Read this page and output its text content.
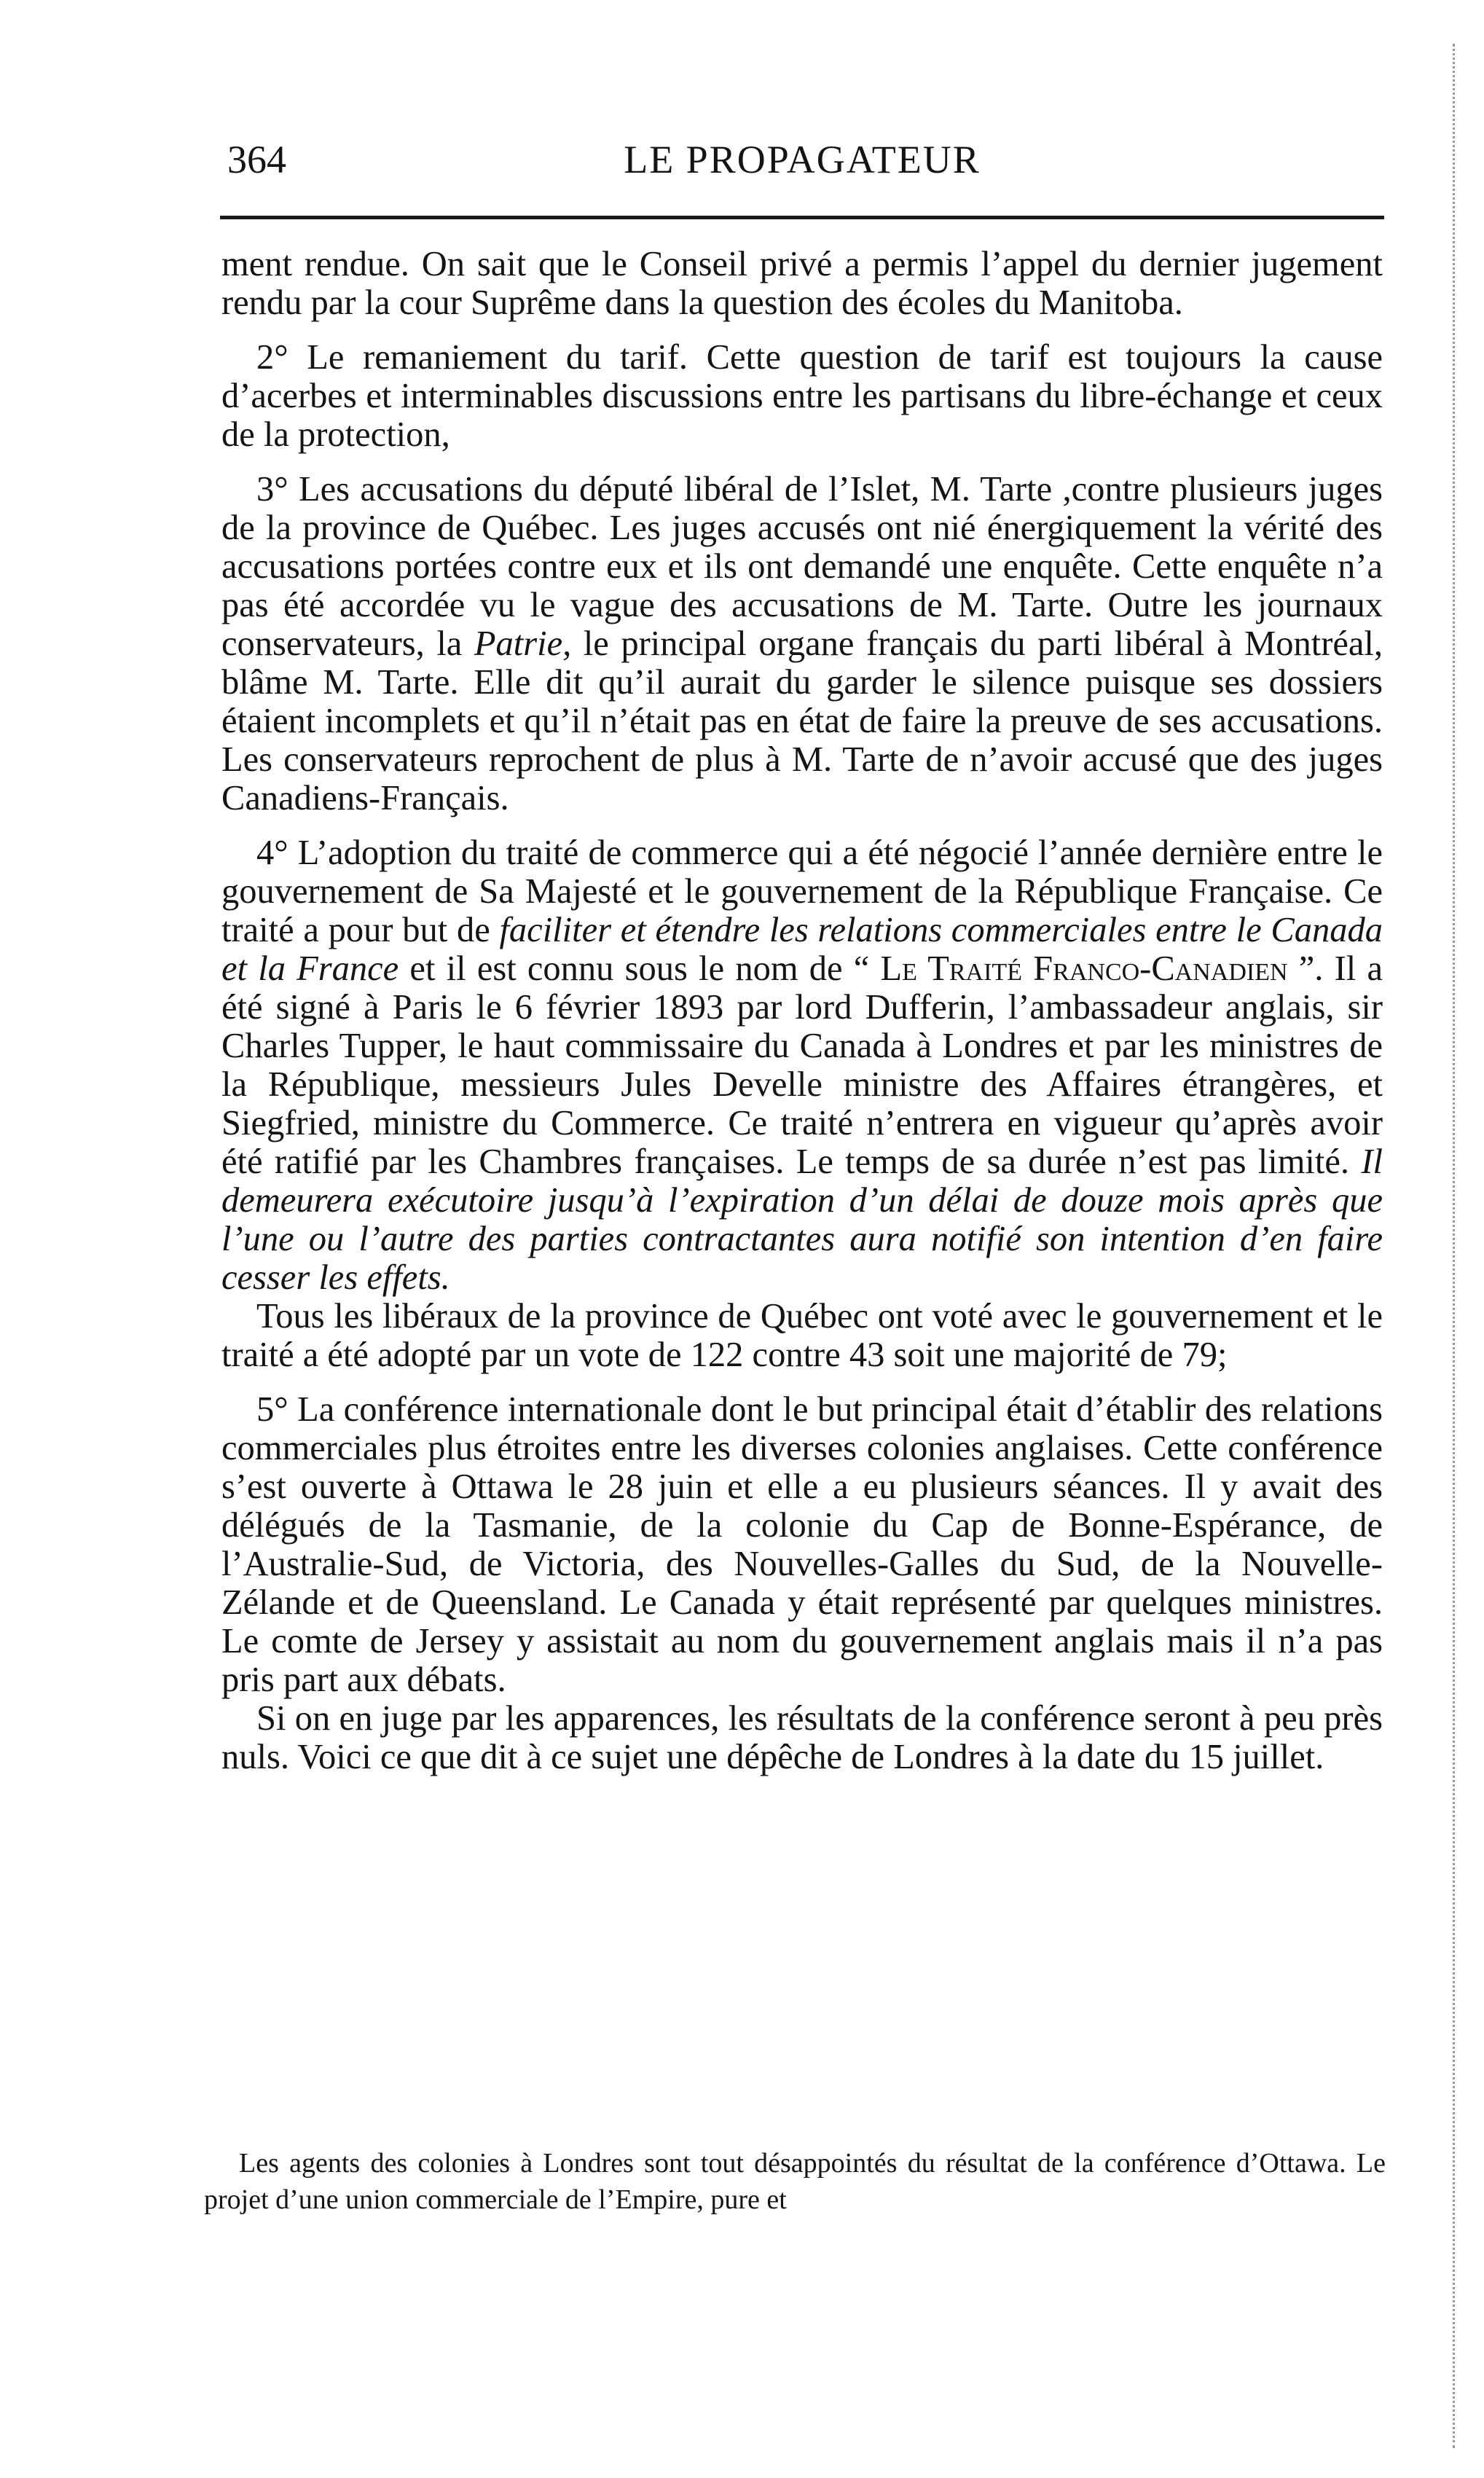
364	LE PROPAGATEUR

ment rendue. On sait que le Conseil privé a permis l’appel du dernier jugement rendu par la cour Suprême dans la question des écoles du Manitoba.

2° Le remaniement du tarif. Cette question de tarif est toujours la cause d’acerbes et interminables discussions entre les partisans du libre-échange et ceux de la protection,

3° Les accusations du député libéral de l’Islet, M. Tarte ,contre plusieurs juges de la province de Québec. Les juges accusés ont nié énergiquement la vérité des accusations portées contre eux et ils ont demandé une enquête. Cette enquête n’a pas été accordée vu le vague des accusations de M. Tarte. Outre les journaux conservateurs, la Patrie, le principal organe français du parti libéral à Montréal, blâme M. Tarte. Elle dit qu’il aurait du garder le silence puisque ses dossiers étaient incomplets et qu’il n’était pas en état de faire la preuve de ses accusations. Les conservateurs reprochent de plus à M. Tarte de n’avoir accusé que des juges Canadiens-Français.

4° L’adoption du traité de commerce qui a été négocié l’année dernière entre le gouvernement de Sa Majesté et le gouvernement de la République Française. Ce traité a pour but de faciliter et étendre les relations commerciales entre le Canada et la France et il est connu sous le nom de “ Le Traité Franco-Canadien ”. Il a été signé à Paris le 6 février 1893 par lord Dufferin, l’ambassadeur anglais, sir Charles Tupper, le haut commissaire du Canada à Londres et par les ministres de la République, messieurs Jules Develle ministre des Affaires étrangères, et Siegfried, ministre du Commerce. Ce traité n’entrera en vigueur qu’après avoir été ratifié par les Chambres françaises. Le temps de sa durée n’est pas limité. Il demeurera exécutoire jusqu’à l’expiration d’un délai de douze mois après que l’une ou l’autre des parties contractantes aura notifié son intention d’en faire cesser les effets.

Tous les libéraux de la province de Québec ont voté avec le gouvernement et le traité a été adopté par un vote de 122 contre 43 soit une majorité de 79;

5° La conférence internationale dont le but principal était d’établir des relations commerciales plus étroites entre les diverses colonies anglaises. Cette conférence s’est ouverte à Ottawa le 28 juin et elle a eu plusieurs séances. Il y avait des délégués de la Tasmanie, de la colonie du Cap de Bonne-Espérance, de l’Australie-Sud, de Victoria, des Nouvelles-Galles du Sud, de la Nouvelle-Zélande et de Queensland. Le Canada y était représenté par quelques ministres. Le comte de Jersey y assistait au nom du gouvernement anglais mais il n’a pas pris part aux débats.

Si on en juge par les apparences, les résultats de la conférence seront à peu près nuls. Voici ce que dit à ce sujet une dépêche de Londres à la date du 15 juillet.

Les agents des colonies à Londres sont tout désappointés du résultat de la conférence d’Ottawa. Le projet d’une union commerciale de l’Empire, pure et
